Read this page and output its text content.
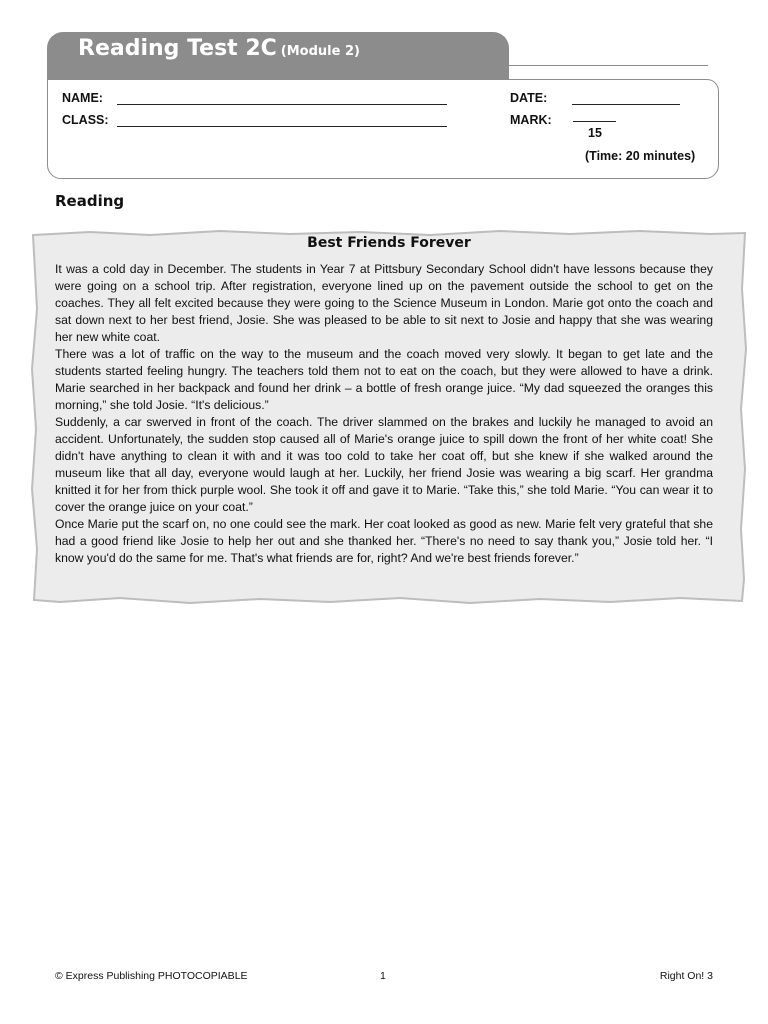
Reading Test 2C (Module 2)
NAME:
CLASS:
DATE:
MARK:
15
(Time: 20 minutes)
Reading
Best Friends Forever

It was a cold day in December. The students in Year 7 at Pittsbury Secondary School didn't have lessons because they were going on a school trip. After registration, everyone lined up on the pavement outside the school to get on the coaches. They all felt excited because they were going to the Science Museum in London. Marie got onto the coach and sat down next to her best friend, Josie. She was pleased to be able to sit next to Josie and happy that she was wearing her new white coat.

There was a lot of traffic on the way to the museum and the coach moved very slowly. It began to get late and the students started feeling hungry. The teachers told them not to eat on the coach, but they were allowed to have a drink. Marie searched in her backpack and found her drink – a bottle of fresh orange juice. “My dad squeezed the oranges this morning,” she told Josie. “It's delicious.”

Suddenly, a car swerved in front of the coach. The driver slammed on the brakes and luckily he managed to avoid an accident. Unfortunately, the sudden stop caused all of Marie's orange juice to spill down the front of her white coat! She didn't have anything to clean it with and it was too cold to take her coat off, but she knew if she walked around the museum like that all day, everyone would laugh at her. Luckily, her friend Josie was wearing a big scarf. Her grandma knitted it for her from thick purple wool. She took it off and gave it to Marie. “Take this,” she told Marie. “You can wear it to cover the orange juice on your coat.”

Once Marie put the scarf on, no one could see the mark. Her coat looked as good as new. Marie felt very grateful that she had a good friend like Josie to help her out and she thanked her. “There's no need to say thank you,” Josie told her. “I know you'd do the same for me. That's what friends are for, right? And we're best friends forever.”

© Express Publishing PHOTOCOPIABLE	1	Right On! 3
